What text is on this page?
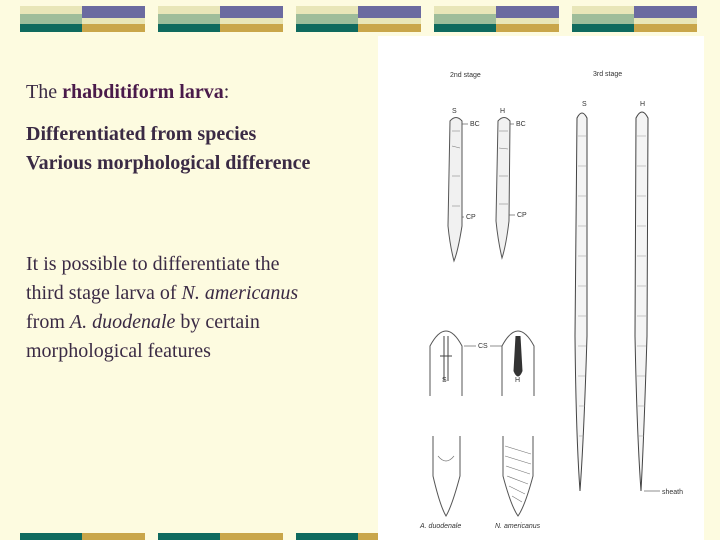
The rhabditiform larva:
Differentiated from species
Various morphological difference
It is possible to differentiate the
third stage larva of N. americanus
from A. duodenale by certain
morphological features
2nd stage	3rd stage
S	H
BC	BC
CP	CP
S	H
sheath
CS
S	H
A. duodenale	N. americanus
